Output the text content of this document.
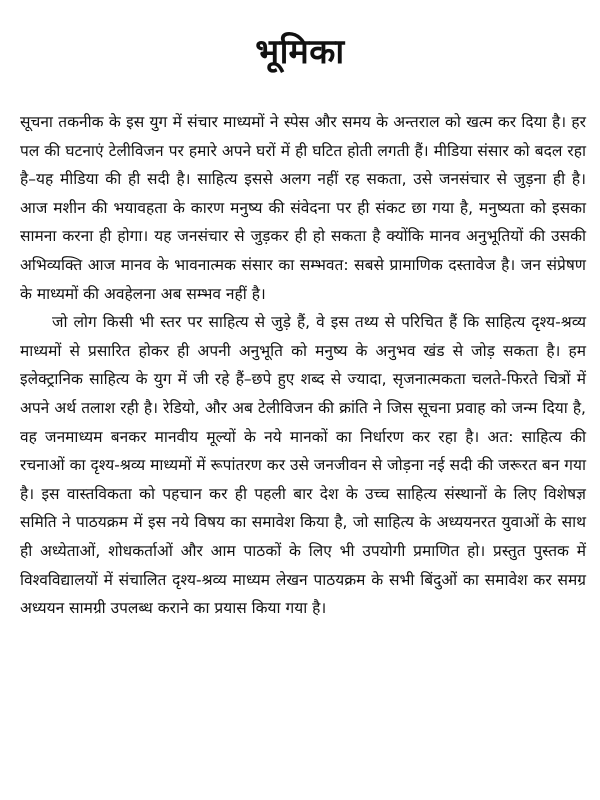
भूमिका

सूचना तकनीक के इस युग में संचार माध्यमों ने स्पेस और समय के अन्तराल को खत्म कर दिया है। हर पल की घटनाएं टेलीविजन पर हमारे अपने घरों में ही घटित होती लगती हैं। मीडिया संसार को बदल रहा है–यह मीडिया की ही सदी है। साहित्य इससे अलग नहीं रह सकता, उसे जनसंचार से जुड़ना ही है। आज मशीन की भयावहता के कारण मनुष्य की संवेदना पर ही संकट छा गया है, मनुष्यता को इसका सामना करना ही होगा। यह जनसंचार से जुड़कर ही हो सकता है क्योंकि मानव अनुभूतियों की उसकी अभिव्यक्ति आज मानव के भावनात्मक संसार का सम्भवत: सबसे प्रामाणिक दस्तावेज है। जन संप्रेषण के माध्यमों की अवहेलना अब सम्भव नहीं है।

जो लोग किसी भी स्तर पर साहित्य से जुड़े हैं, वे इस तथ्य से परिचित हैं कि साहित्य दृश्य-श्रव्य माध्यमों से प्रसारित होकर ही अपनी अनुभूति को मनुष्य के अनुभव खंड से जोड़ सकता है। हम इलेक्ट्रानिक साहित्य के युग में जी रहे हैं–छपे हुए शब्द से ज्यादा, सृजनात्मकता चलते-फिरते चित्रों में अपने अर्थ तलाश रही है। रेडियो, और अब टेलीविजन की क्रांति ने जिस सूचना प्रवाह को जन्म दिया है, वह जनमाध्यम बनकर मानवीय मूल्यों के नये मानकों का निर्धारण कर रहा है। अत: साहित्य की रचनाओं का दृश्य-श्रव्य माध्यमों में रूपांतरण कर उसे जनजीवन से जोड़ना नई सदी की जरूरत बन गया है। इस वास्तविकता को पहचान कर ही पहली बार देश के उच्च साहित्य संस्थानों के लिए विशेषज्ञ समिति ने पाठयक्रम में इस नये विषय का समावेश किया है, जो साहित्य के अध्ययनरत युवाओं के साथ ही अध्येताओं, शोधकर्ताओं और आम पाठकों के लिए भी उपयोगी प्रमाणित हो। प्रस्तुत पुस्तक में विश्वविद्यालयों में संचालित दृश्य-श्रव्य माध्यम लेखन पाठयक्रम के सभी बिंदुओं का समावेश कर समग्र अध्ययन सामग्री उपलब्ध कराने का प्रयास किया गया है।
